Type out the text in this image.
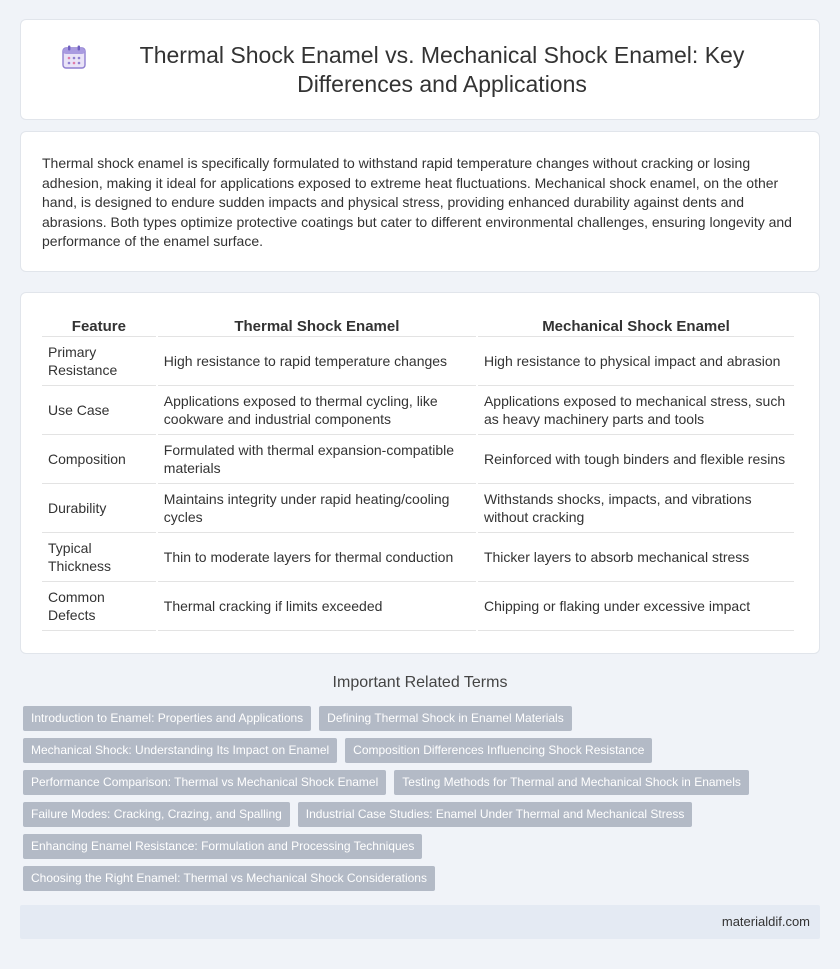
Thermal Shock Enamel vs. Mechanical Shock Enamel: Key Differences and Applications

Thermal shock enamel is specifically formulated to withstand rapid temperature changes without cracking or losing adhesion, making it ideal for applications exposed to extreme heat fluctuations. Mechanical shock enamel, on the other hand, is designed to endure sudden impacts and physical stress, providing enhanced durability against dents and abrasions. Both types optimize protective coatings but cater to different environmental challenges, ensuring longevity and performance of the enamel surface.

Feature	Thermal Shock Enamel	Mechanical Shock Enamel
Primary Resistance	High resistance to rapid temperature changes	High resistance to physical impact and abrasion
Use Case	Applications exposed to thermal cycling, like cookware and industrial components	Applications exposed to mechanical stress, such as heavy machinery parts and tools
Composition	Formulated with thermal expansion-compatible materials	Reinforced with tough binders and flexible resins
Durability	Maintains integrity under rapid heating/cooling cycles	Withstands shocks, impacts, and vibrations without cracking
Typical Thickness	Thin to moderate layers for thermal conduction	Thicker layers to absorb mechanical stress
Common Defects	Thermal cracking if limits exceeded	Chipping or flaking under excessive impact
Important Related Terms
Introduction to Enamel: Properties and Applications	Defining Thermal Shock in Enamel Materials
Mechanical Shock: Understanding Its Impact on Enamel	Composition Differences Influencing Shock Resistance
Performance Comparison: Thermal vs Mechanical Shock Enamel	Testing Methods for Thermal and Mechanical Shock in Enamels
Failure Modes: Cracking, Crazing, and Spalling	Industrial Case Studies: Enamel Under Thermal and Mechanical Stress
Enhancing Enamel Resistance: Formulation and Processing Techniques
Choosing the Right Enamel: Thermal vs Mechanical Shock Considerations
materialdif.com
